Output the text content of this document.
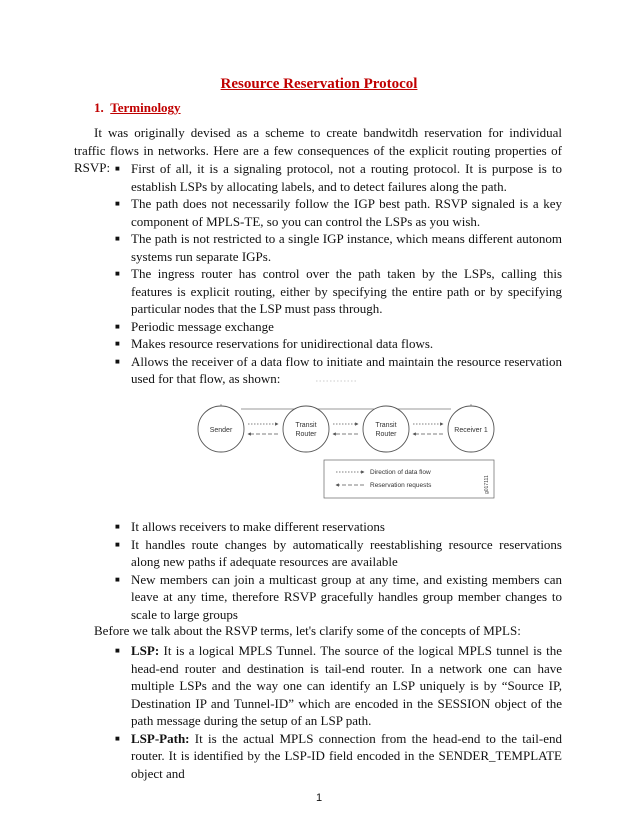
Resource Reservation Protocol
1. Terminology
It was originally devised as a scheme to create bandwitdh reservation for individual traffic flows in networks. Here are a few consequences of the explicit routing properties of RSVP:
■	First of all, it is a signaling protocol, not a routing protocol. It is purpose is to establish LSPs by allocating labels, and to detect failures along the path.
■ The path does not necessarily follow the IGP best path. RSVP signaled is a key component of MPLS-TE, so you can control the LSPs as you wish.
■ The path is not restricted to a single IGP instance, which means different autonom systems run separate IGPs.
■ The ingress router has control over the path taken by the LSPs, calling this features is explicit routing, either by specifying the entire path or by specifying particular nodes that the LSP must pass through.
■ Periodic message exchange
■ Makes resource reservations for unidirectional data flows.
■ Allows the receiver of a data flow to initiate and maintain the resource reservation used for that flow, as shown:
Sender
Transit
Router
Transit
Router
Receiver 1
Direction of data flow
Reservation requests	g017111
■ It allows receivers to make different reservations
■ It handles route changes by automatically reestablishing resource reservations along new paths if adequate resources are available
■ New members can join a multicast group at any time, and existing members can leave at any time, therefore RSVP gracefully handles group member changes to scale to large groups
Before we talk about the RSVP terms, let's clarify some of the concepts of MPLS:
■ LSP: It is a logical MPLS Tunnel. The source of the logical MPLS tunnel is the head-end router and destination is tail-end router. In a network one can have multiple LSPs and the way one can identify an LSP uniquely is by “Source IP, Destination IP and Tunnel-ID” which are encoded in the SESSION object of the path message during the setup of an LSP path.
■ LSP-Path: It is the actual MPLS connection from the head-end to the tail-end router. It is identified by the LSP-ID field encoded in the SENDER_TEMPLATE object and
1
